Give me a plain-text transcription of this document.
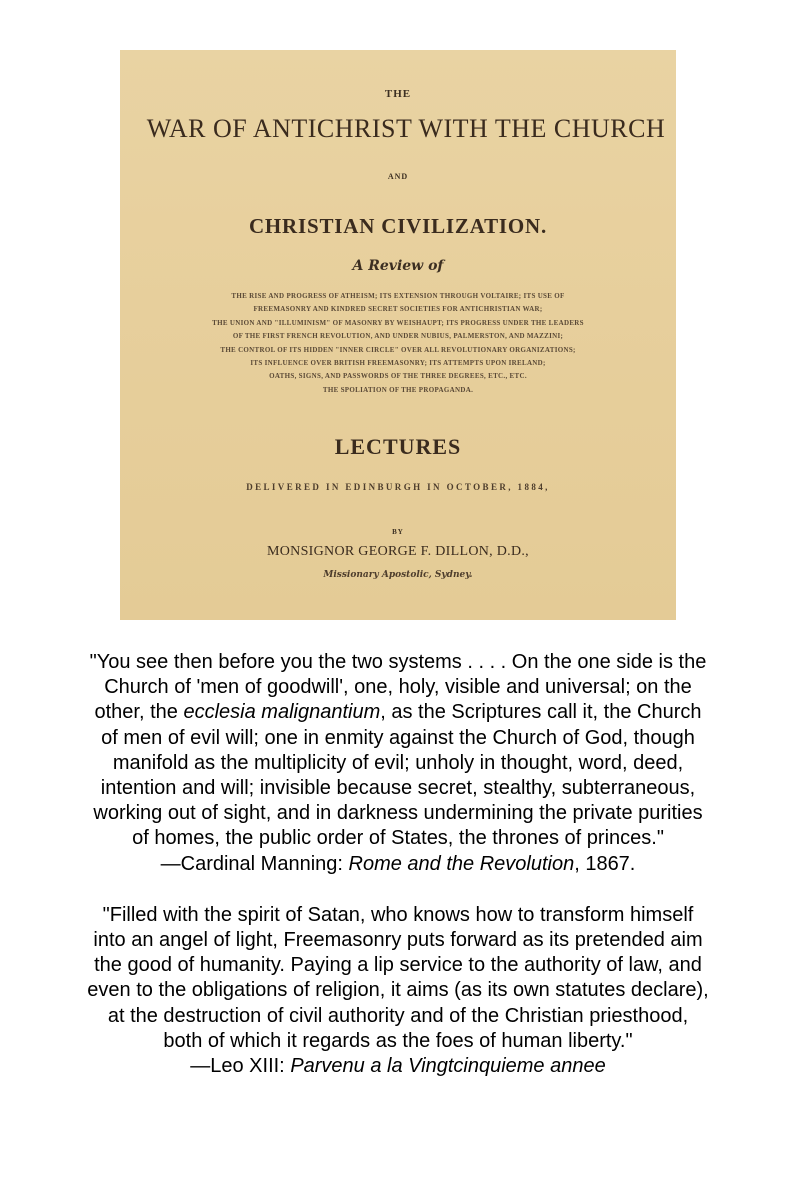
THE
WAR OF ANTICHRIST WITH THE CHURCH
AND
CHRISTIAN CIVILIZATION.
A Review of
THE RISE AND PROGRESS OF ATHEISM; ITS EXTENSION THROUGH VOLTAIRE; ITS USE OF
FREEMASONRY AND KINDRED SECRET SOCIETIES FOR ANTICHRISTIAN WAR;
THE UNION AND "ILLUMINISM" OF MASONRY BY WEISHAUPT; ITS PROGRESS UNDER THE LEADERS
OF THE FIRST FRENCH REVOLUTION, AND UNDER NUBIUS, PALMERSTON, AND MAZZINI;
THE CONTROL OF ITS HIDDEN "INNER CIRCLE" OVER ALL REVOLUTIONARY ORGANIZATIONS;
ITS INFLUENCE OVER BRITISH FREEMASONRY; ITS ATTEMPTS UPON IRELAND;
OATHS, SIGNS, AND PASSWORDS OF THE THREE DEGREES, ETC., ETC.
THE SPOLIATION OF THE PROPAGANDA.
LECTURES
DELIVERED IN EDINBURGH IN OCTOBER, 1884,
BY
MONSIGNOR GEORGE F. DILLON, D.D.,
Missionary Apostolic, Sydney.

"You see then before you the two systems . . . . On the one side is the
Church of 'men of goodwill', one, holy, visible and universal; on the
other, the ecclesia malignantium, as the Scriptures call it, the Church
of men of evil will; one in enmity against the Church of God, though
manifold as the multiplicity of evil; unholy in thought, word, deed,
intention and will; invisible because secret, stealthy, subterraneous,
working out of sight, and in darkness undermining the private purities
of homes, the public order of States, the thrones of princes."
—Cardinal Manning: Rome and the Revolution, 1867.

"Filled with the spirit of Satan, who knows how to transform himself
into an angel of light, Freemasonry puts forward as its pretended aim
the good of humanity. Paying a lip service to the authority of law, and
even to the obligations of religion, it aims (as its own statutes declare),
at the destruction of civil authority and of the Christian priesthood,
both of which it regards as the foes of human liberty."
—Leo XIII: Parvenu a la Vingtcinquieme annee
